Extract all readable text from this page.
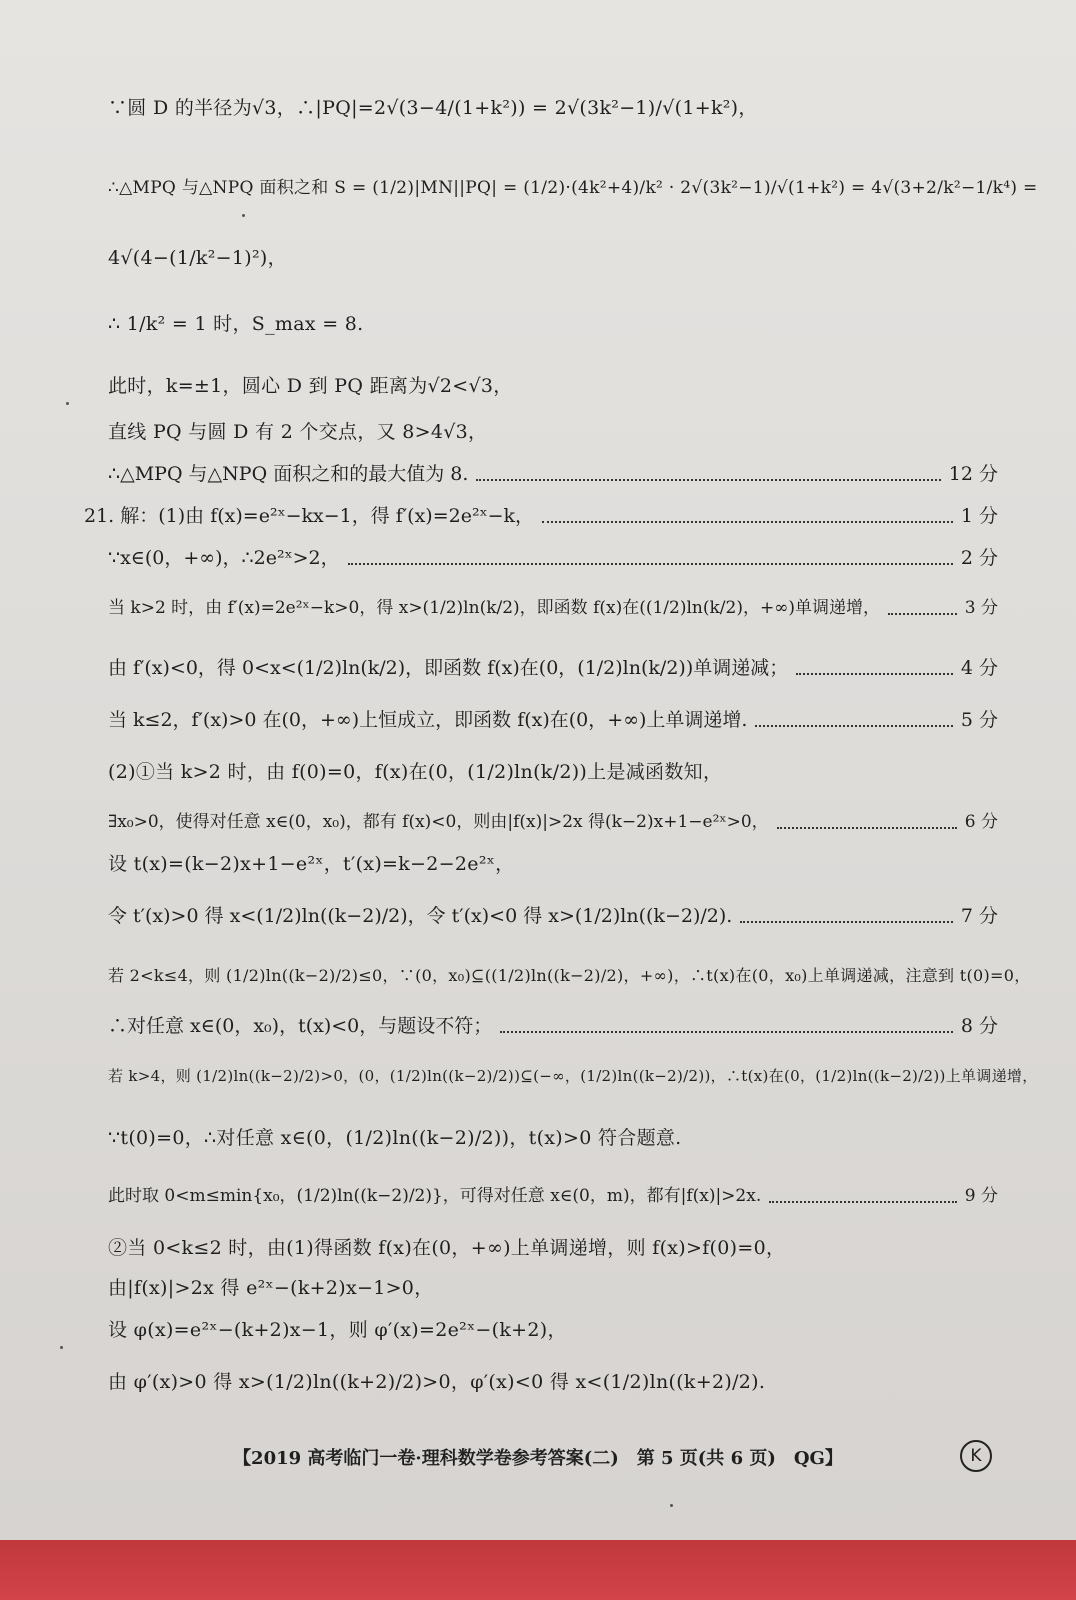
∵圆 D 的半径为√3，∴|PQ|=2√(3−4/(1+k²)) = 2√(3k²−1)/√(1+k²)，
∴△MPQ 与△NPQ 面积之和 S = (1/2)|MN||PQ| = (1/2)·(4k²+4)/k² · 2√(3k²−1)/√(1+k²) = 4√(3+2/k²−1/k⁴) =
4√(4−(1/k²−1)²)，
∴ 1/k² = 1 时，S_max = 8.
此时，k=±1，圆心 D 到 PQ 距离为√2<√3，
直线 PQ 与圆 D 有 2 个交点，又 8>4√3，
∴△MPQ 与△NPQ 面积之和的最大值为 8.	12 分
21. 解：(1)由 f(x)=e²ˣ−kx−1，得 f′(x)=2e²ˣ−k，	1 分
∵x∈(0，+∞)，∴2e²ˣ>2，	2 分
当 k>2 时，由 f′(x)=2e²ˣ−k>0，得 x>(1/2)ln(k/2)，即函数 f(x)在((1/2)ln(k/2)，+∞)单调递增，	3 分
由 f′(x)<0，得 0<x<(1/2)ln(k/2)，即函数 f(x)在(0，(1/2)ln(k/2))单调递减；	4 分
当 k≤2，f′(x)>0 在(0，+∞)上恒成立，即函数 f(x)在(0，+∞)上单调递增.	5 分
(2)①当 k>2 时，由 f(0)=0，f(x)在(0，(1/2)ln(k/2))上是减函数知，
∃x₀>0，使得对任意 x∈(0，x₀)，都有 f(x)<0，则由|f(x)|>2x 得(k−2)x+1−e²ˣ>0，	6 分
设 t(x)=(k−2)x+1−e²ˣ，t′(x)=k−2−2e²ˣ，
令 t′(x)>0 得 x<(1/2)ln((k−2)/2)，令 t′(x)<0 得 x>(1/2)ln((k−2)/2).	7 分
若 2<k≤4，则 (1/2)ln((k−2)/2)≤0，∵(0，x₀)⊆((1/2)ln((k−2)/2)，+∞)，∴t(x)在(0，x₀)上单调递减，注意到 t(0)=0，
∴对任意 x∈(0，x₀)，t(x)<0，与题设不符；	8 分
若 k>4，则 (1/2)ln((k−2)/2)>0，(0，(1/2)ln((k−2)/2))⊆(−∞，(1/2)ln((k−2)/2))，∴t(x)在(0，(1/2)ln((k−2)/2))上单调递增，
∵t(0)=0，∴对任意 x∈(0，(1/2)ln((k−2)/2))，t(x)>0 符合题意.
此时取 0<m≤min{x₀，(1/2)ln((k−2)/2)}，可得对任意 x∈(0，m)，都有|f(x)|>2x.	9 分
②当 0<k≤2 时，由(1)得函数 f(x)在(0，+∞)上单调递增，则 f(x)>f(0)=0，
由|f(x)|>2x 得 e²ˣ−(k+2)x−1>0，
设 φ(x)=e²ˣ−(k+2)x−1，则 φ′(x)=2e²ˣ−(k+2)，
由 φ′(x)>0 得 x>(1/2)ln((k+2)/2)>0，φ′(x)<0 得 x<(1/2)ln((k+2)/2).
【2019 高考临门一卷·理科数学卷参考答案(二)　第 5 页(共 6 页)　QG】	K
